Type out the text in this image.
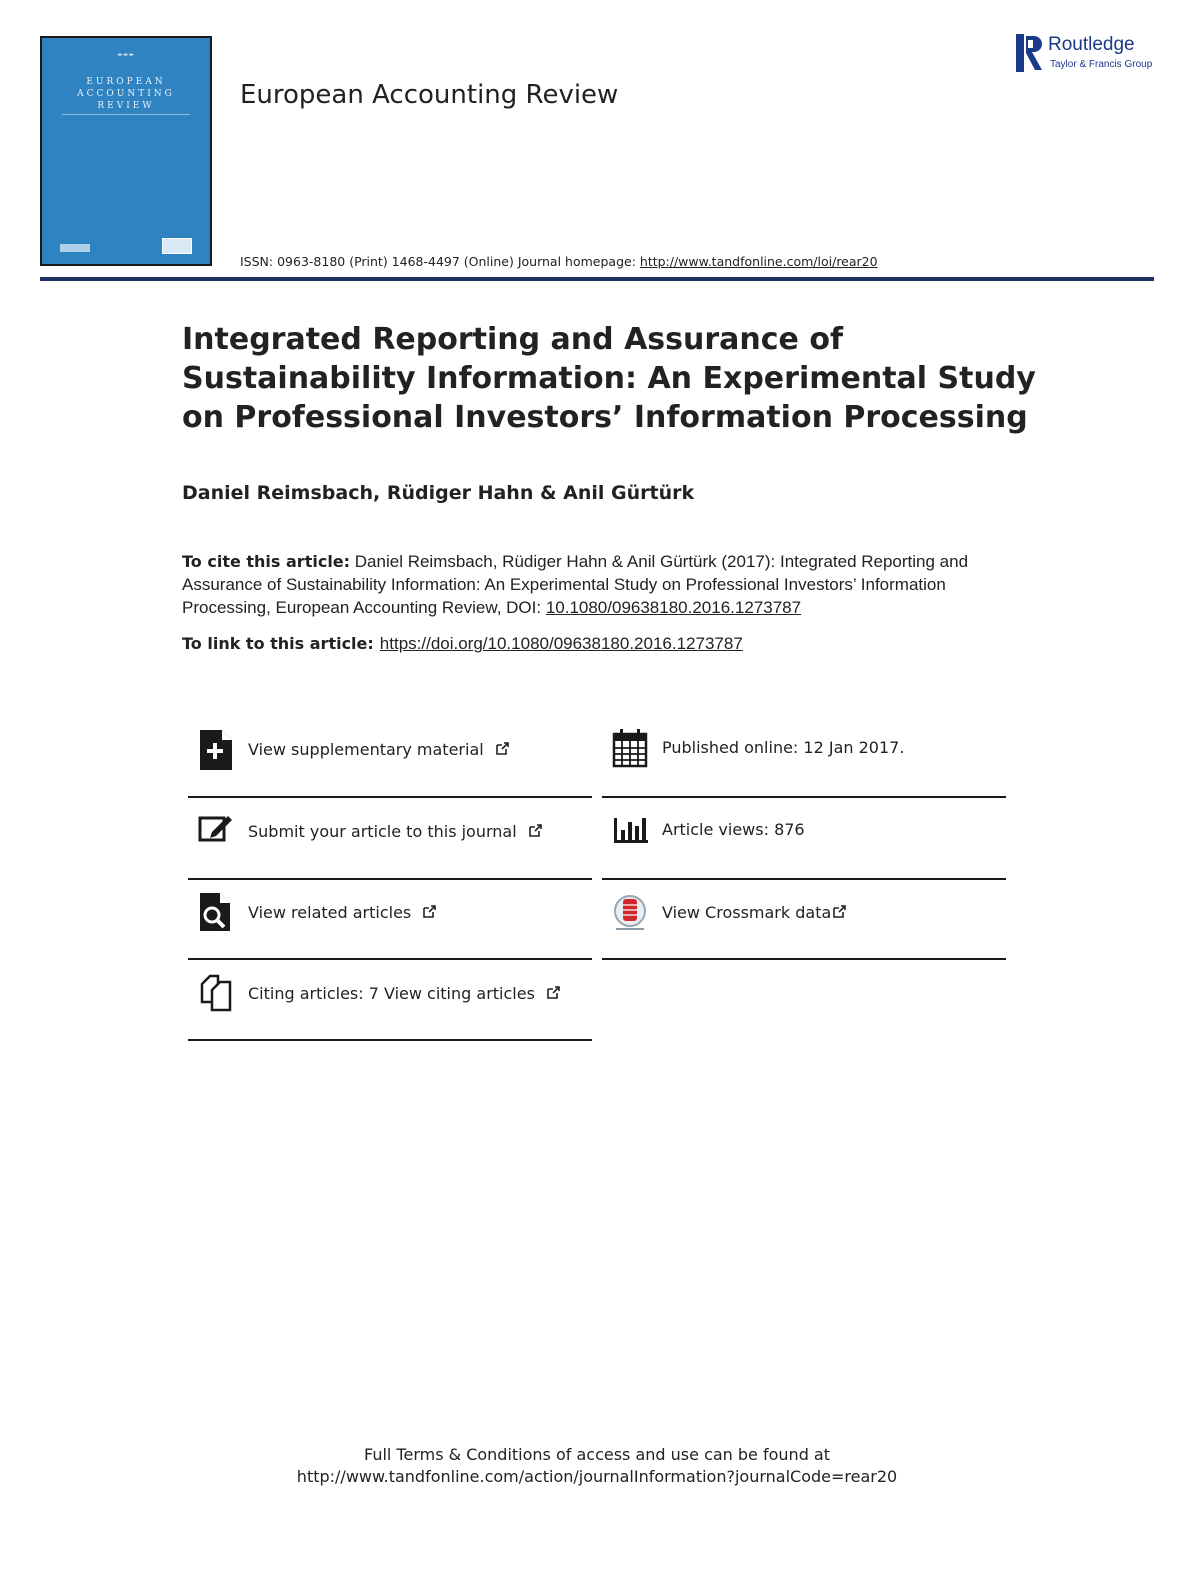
▬▬▬
EUROPEAN
ACCOUNTING
REVIEW	European Accounting Review
Routledge
Taylor & Francis Group
ISSN: 0963-8180 (Print) 1468-4497 (Online) Journal homepage: http://www.tandfonline.com/loi/rear20
Integrated Reporting and Assurance of Sustainability Information: An Experimental Study on Professional Investors’ Information Processing
Daniel Reimsbach, Rüdiger Hahn & Anil Gürtürk
To cite this article: Daniel Reimsbach, Rüdiger Hahn & Anil Gürtürk (2017): Integrated Reporting and Assurance of Sustainability Information: An Experimental Study on Professional Investors’ Information Processing, European Accounting Review, DOI: 10.1080/09638180.2016.1273787
To link to this article: https://doi.org/10.1080/09638180.2016.1273787
View supplementary material
Submit your article to this journal
View related articles
Citing articles: 7 View citing articles
Published online: 12 Jan 2017.
Article views: 876
View Crossmark data
Full Terms & Conditions of access and use can be found at
http://www.tandfonline.com/action/journalInformation?journalCode=rear20
